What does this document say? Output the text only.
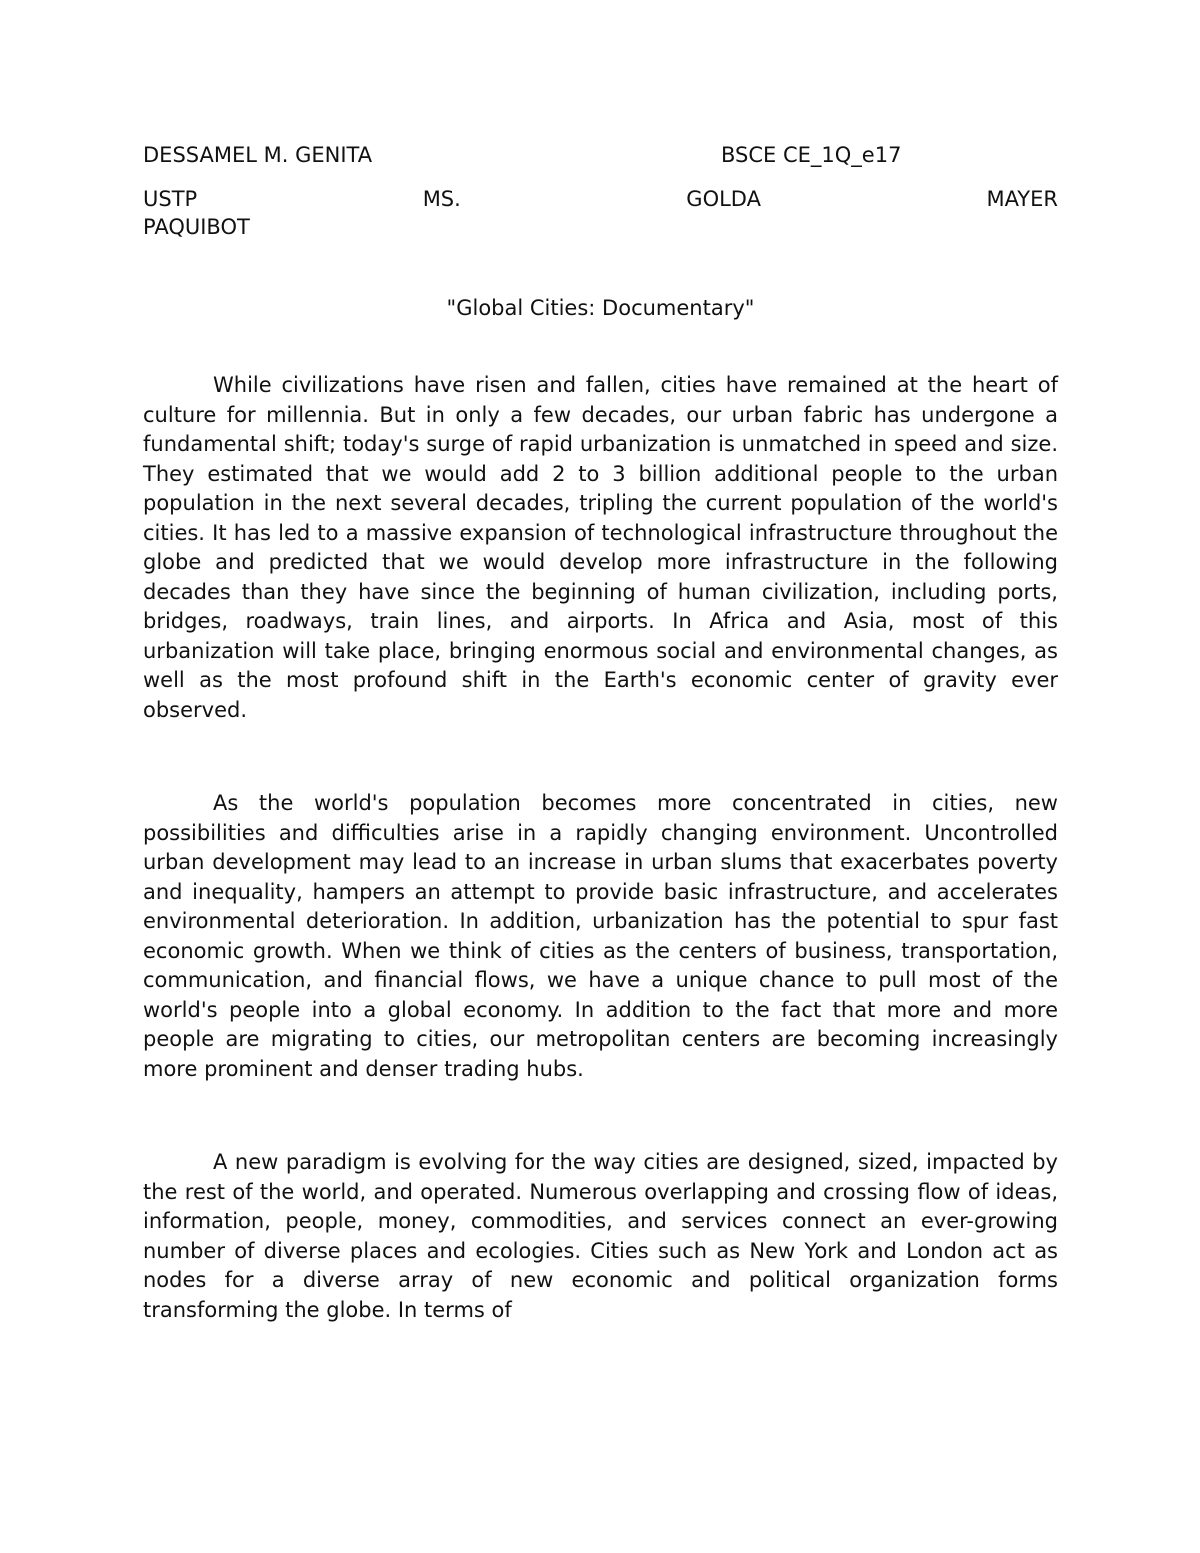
DESSAMEL M. GENITA	BSCE CE_1Q_e17
USTP	MS. GOLDA MAYER
PAQUIBOT
"Global Cities: Documentary"

While civilizations have risen and fallen, cities have remained at the heart of culture for millennia. But in only a few decades, our urban fabric has undergone a fundamental shift; today's surge of rapid urbanization is unmatched in speed and size. They estimated that we would add 2 to 3 billion additional people to the urban population in the next several decades, tripling the current population of the world's cities. It has led to a massive expansion of technological infrastructure throughout the globe and predicted that we would develop more infrastructure in the following decades than they have since the beginning of human civilization, including ports, bridges, roadways, train lines, and airports. In Africa and Asia, most of this urbanization will take place, bringing enormous social and environmental changes, as well as the most profound shift in the Earth's economic center of gravity ever observed.

As the world's population becomes more concentrated in cities, new possibilities and difficulties arise in a rapidly changing environment. Uncontrolled urban development may lead to an increase in urban slums that exacerbates poverty and inequality, hampers an attempt to provide basic infrastructure, and accelerates environmental deterioration. In addition, urbanization has the potential to spur fast economic growth. When we think of cities as the centers of business, transportation, communication, and financial flows, we have a unique chance to pull most of the world's people into a global economy. In addition to the fact that more and more people are migrating to cities, our metropolitan centers are becoming increasingly more prominent and denser trading hubs.

A new paradigm is evolving for the way cities are designed, sized, impacted by the rest of the world, and operated. Numerous overlapping and crossing flow of ideas, information, people, money, commodities, and services connect an ever-growing number of diverse places and ecologies. Cities such as New York and London act as nodes for a diverse array of new economic and political organization forms transforming the globe. In terms of
